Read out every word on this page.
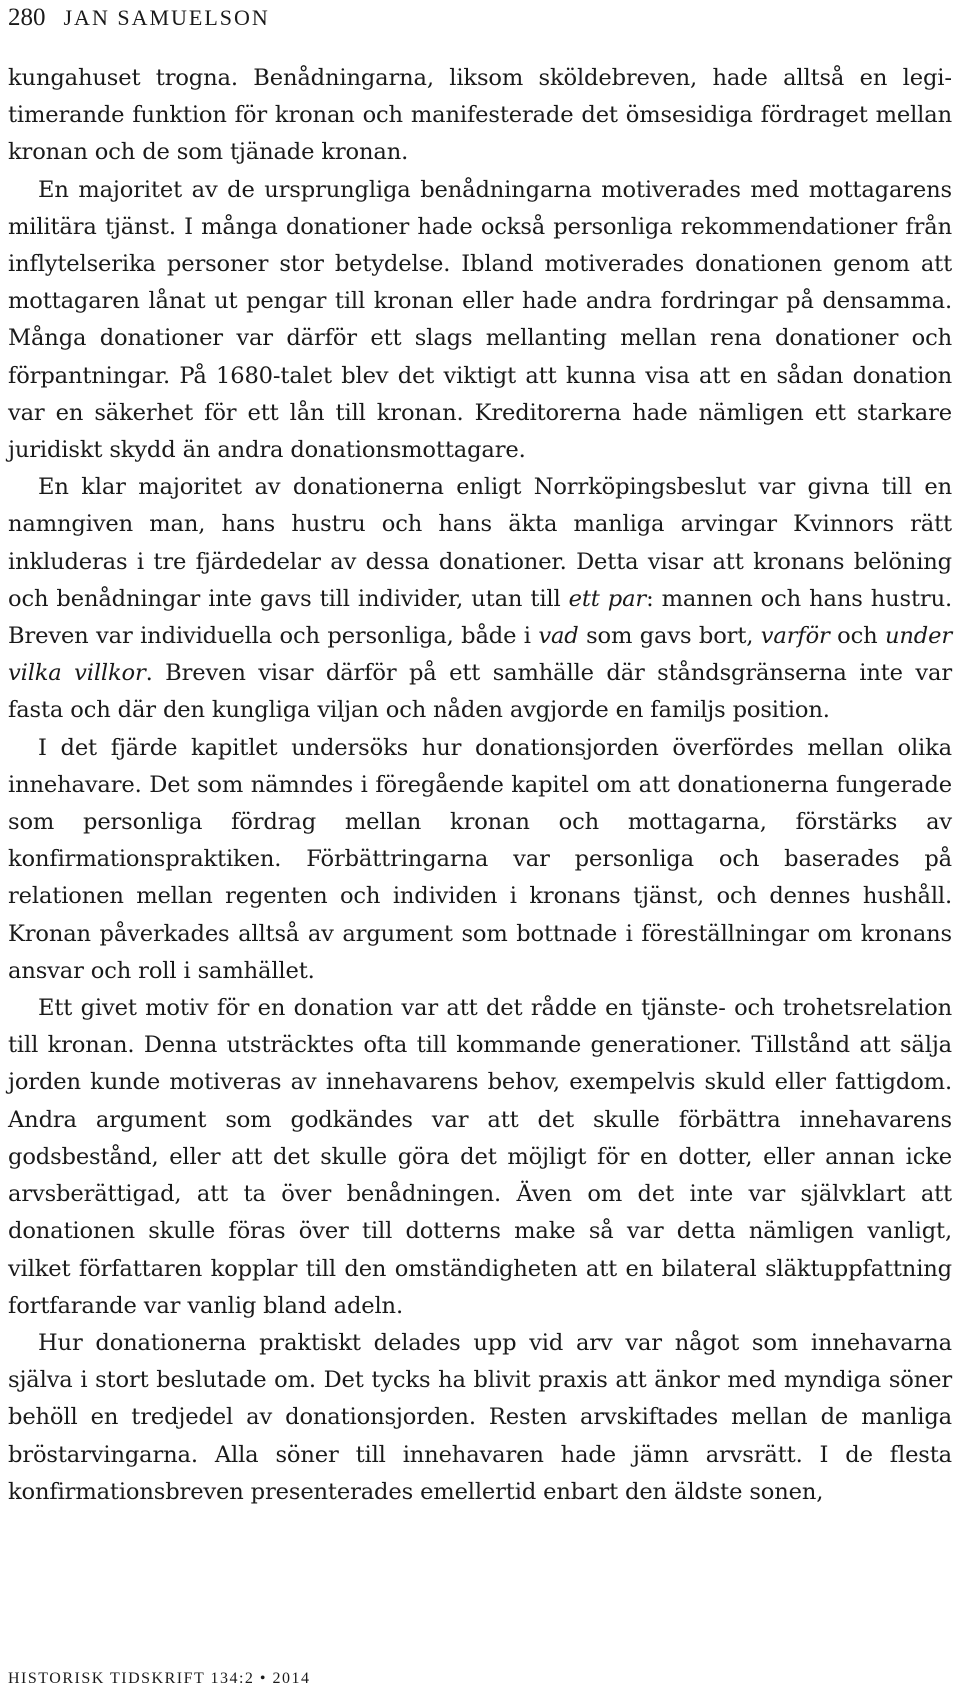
280 JAN SAMUELSON

kungahuset trogna. Benådningarna, liksom sköldebreven, hade alltså en legitimerande funktion för kronan och manifesterade det ömsesidiga fördraget mellan kronan och de som tjänade kronan.

En majoritet av de ursprungliga benådningarna motiverades med mottagarens militära tjänst. I många donationer hade också personliga rekommendationer från inflytelserika personer stor betydelse. Ibland motiverades donationen genom att mottagaren lånat ut pengar till kronan eller hade andra fordringar på densamma. Många donationer var därför ett slags mellanting mellan rena donationer och förpantningar. På 1680-talet blev det viktigt att kunna visa att en sådan donation var en säkerhet för ett lån till kronan. Kreditorerna hade nämligen ett starkare juridiskt skydd än andra donationsmottagare.

En klar majoritet av donationerna enligt Norrköpingsbeslut var givna till en namngiven man, hans hustru och hans äkta manliga arvingar Kvinnors rätt inkluderas i tre fjärdedelar av dessa donationer. Detta visar att kronans belöning och benådningar inte gavs till individer, utan till ett par: mannen och hans hustru. Breven var individuella och personliga, både i vad som gavs bort, varför och under vilka villkor. Breven visar därför på ett samhälle där ståndsgränserna inte var fasta och där den kungliga viljan och nåden avgjorde en familjs position.

I det fjärde kapitlet undersöks hur donationsjorden överfördes mellan olika innehavare. Det som nämndes i föregående kapitel om att donationerna fungerade som personliga fördrag mellan kronan och mottagarna, förstärks av konfirmationspraktiken. Förbättringarna var personliga och baserades på relationen mellan regenten och individen i kronans tjänst, och dennes hushåll. Kronan påverkades alltså av argument som bottnade i föreställningar om kronans ansvar och roll i samhället.

Ett givet motiv för en donation var att det rådde en tjänste- och trohetsrelation till kronan. Denna utsträcktes ofta till kommande generationer. Tillstånd att sälja jorden kunde motiveras av innehavarens behov, exempelvis skuld eller fattigdom. Andra argument som godkändes var att det skulle förbättra innehavarens godsbestånd, eller att det skulle göra det möjligt för en dotter, eller annan icke arvsberättigad, att ta över benådningen. Även om det inte var självklart att donationen skulle föras över till dotterns make så var detta nämligen vanligt, vilket författaren kopplar till den omständigheten att en bilateral släktuppfattning fortfarande var vanlig bland adeln.

Hur donationerna praktiskt delades upp vid arv var något som innehavarna själva i stort beslutade om. Det tycks ha blivit praxis att änkor med myndiga söner behöll en tredjedel av donationsjorden. Resten arvskiftades mellan de manliga bröstarvingarna. Alla söner till innehavaren hade jämn arvsrätt. I de flesta konfirmationsbreven presenterades emellertid enbart den äldste sonen,

HISTORISK TIDSKRIFT 134:2 • 2014
